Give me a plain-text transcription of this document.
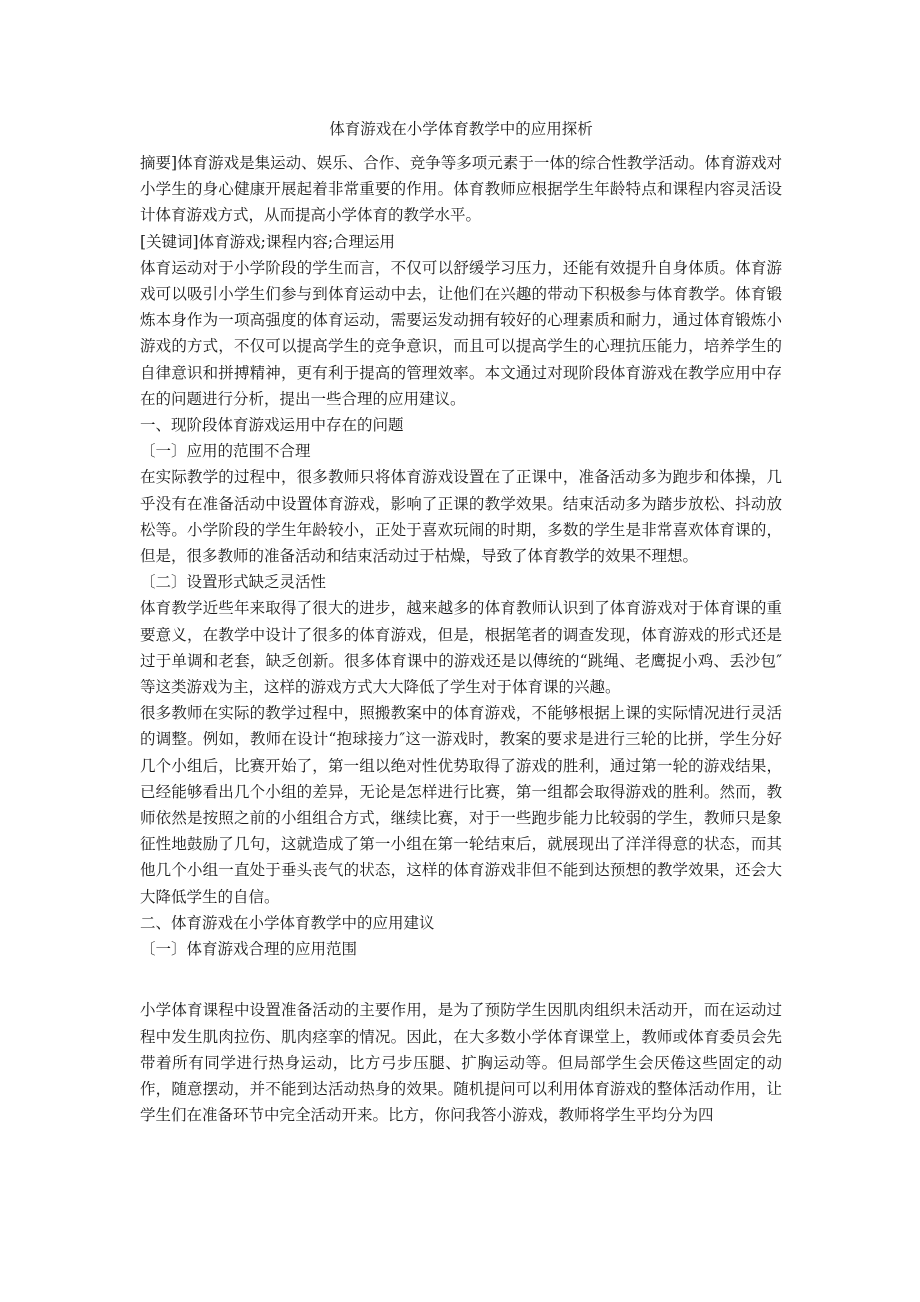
体育游戏在小学体育教学中的应用探析

摘要]体育游戏是集运动、娱乐、合作、竞争等多项元素于一体的综合性教学活动。体育游戏对小学生的身心健康开展起着非常重要的作用。体育教师应根据学生年龄特点和课程内容灵活设计体育游戏方式，从而提高小学体育的教学水平。

[关键词]体育游戏;课程内容;合理运用

体育运动对于小学阶段的学生而言，不仅可以舒缓学习压力，还能有效提升自身体质。体育游戏可以吸引小学生们参与到体育运动中去，让他们在兴趣的带动下积极参与体育教学。体育锻炼本身作为一项高强度的体育运动，需要运发动拥有较好的心理素质和耐力，通过体育锻炼小游戏的方式，不仅可以提高学生的竞争意识，而且可以提高学生的心理抗压能力，培养学生的自律意识和拼搏精神，更有利于提高的管理效率。本文通过对现阶段体育游戏在教学应用中存在的问题进行分析，提出一些合理的应用建议。

一、现阶段体育游戏运用中存在的问题

〔一〕应用的范围不合理

在实际教学的过程中，很多教师只将体育游戏设置在了正课中，准备活动多为跑步和体操，几乎没有在准备活动中设置体育游戏，影响了正课的教学效果。结束活动多为踏步放松、抖动放松等。小学阶段的学生年龄较小，正处于喜欢玩闹的时期，多数的学生是非常喜欢体育课的，但是，很多教师的准备活动和结束活动过于枯燥，导致了体育教学的效果不理想。

〔二〕设置形式缺乏灵活性

体育教学近些年来取得了很大的进步，越来越多的体育教师认识到了体育游戏对于体育课的重要意义，在教学中设计了很多的体育游戏，但是，根据笔者的调查发现，体育游戏的形式还是过于单调和老套，缺乏创新。很多体育课中的游戏还是以傳统的“跳绳、老鹰捉小鸡、丢沙包″等这类游戏为主，这样的游戏方式大大降低了学生对于体育课的兴趣。

很多教师在实际的教学过程中，照搬教案中的体育游戏，不能够根据上课的实际情况进行灵活的调整。例如，教师在设计“抱球接力″这一游戏时，教案的要求是进行三轮的比拼，学生分好几个小组后，比赛开始了，第一组以绝对性优势取得了游戏的胜利，通过第一轮的游戏结果，已经能够看出几个小组的差异，无论是怎样进行比赛，第一组都会取得游戏的胜利。然而，教师依然是按照之前的小组组合方式，继续比赛，对于一些跑步能力比较弱的学生，教师只是象征性地鼓励了几句，这就造成了第一小组在第一轮结束后，就展现出了洋洋得意的状态，而其他几个小组一直处于垂头丧气的状态，这样的体育游戏非但不能到达预想的教学效果，还会大大降低学生的自信。

二、体育游戏在小学体育教学中的应用建议

〔一〕体育游戏合理的应用范围

小学体育课程中设置准备活动的主要作用，是为了预防学生因肌肉组织未活动开，而在运动过程中发生肌肉拉伤、肌肉痉挛的情况。因此，在大多数小学体育课堂上，教师或体育委员会先带着所有同学进行热身运动，比方弓步压腿、扩胸运动等。但局部学生会厌倦这些固定的动作，随意摆动，并不能到达活动热身的效果。随机提问可以利用体育游戏的整体活动作用，让学生们在准备环节中完全活动开来。比方，你问我答小游戏，教师将学生平均分为四
